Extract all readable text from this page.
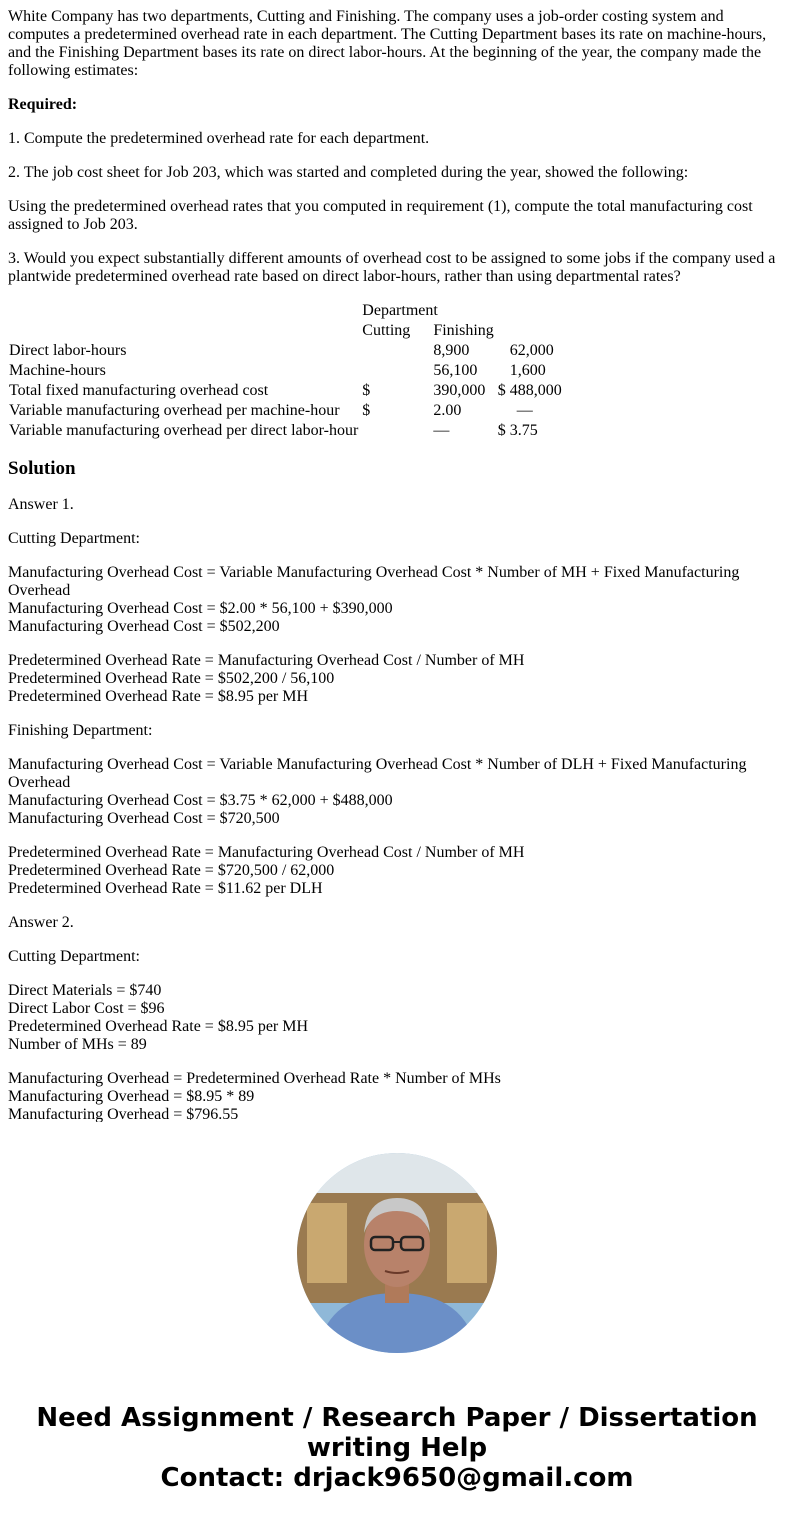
White Company has two departments, Cutting and Finishing. The company uses a job-order costing system and computes a predetermined overhead rate in each department. The Cutting Department bases its rate on machine-hours, and the Finishing Department bases its rate on direct labor-hours. At the beginning of the year, the company made the following estimates:

Required:

1. Compute the predetermined overhead rate for each department.

2. The job cost sheet for Job 203, which was started and completed during the year, showed the following:

Using the predetermined overhead rates that you computed in requirement (1), compute the total manufacturing cost assigned to Job 203.

3. Would you expect substantially different amounts of overhead cost to be assigned to some jobs if the company used a plantwide predetermined overhead rate based on direct labor-hours, rather than using departmental rates?

	Department			
	Cutting	Finishing		
Direct labor-hours		8,900		62,000
Machine-hours		56,100		1,600
Total fixed manufacturing overhead cost	$	390,000	$	488,000
Variable manufacturing overhead per machine-hour	$	2.00		—
Variable manufacturing overhead per direct labor-hour		—	$	3.75
Solution

Answer 1.

Cutting Department:

Manufacturing Overhead Cost = Variable Manufacturing Overhead Cost * Number of MH + Fixed Manufacturing Overhead
Manufacturing Overhead Cost = $2.00 * 56,100 + $390,000
Manufacturing Overhead Cost = $502,200

Predetermined Overhead Rate = Manufacturing Overhead Cost / Number of MH
Predetermined Overhead Rate = $502,200 / 56,100
Predetermined Overhead Rate = $8.95 per MH

Finishing Department:

Manufacturing Overhead Cost = Variable Manufacturing Overhead Cost * Number of DLH + Fixed Manufacturing Overhead
Manufacturing Overhead Cost = $3.75 * 62,000 + $488,000
Manufacturing Overhead Cost = $720,500

Predetermined Overhead Rate = Manufacturing Overhead Cost / Number of MH
Predetermined Overhead Rate = $720,500 / 62,000
Predetermined Overhead Rate = $11.62 per DLH

Answer 2.

Cutting Department:

Direct Materials = $740
Direct Labor Cost = $96
Predetermined Overhead Rate = $8.95 per MH
Number of MHs = 89

Manufacturing Overhead = Predetermined Overhead Rate * Number of MHs
Manufacturing Overhead = $8.95 * 89
Manufacturing Overhead = $796.55

Need Assignment / Research Paper / Dissertation writing Help
Contact: drjack9650@gmail.com
